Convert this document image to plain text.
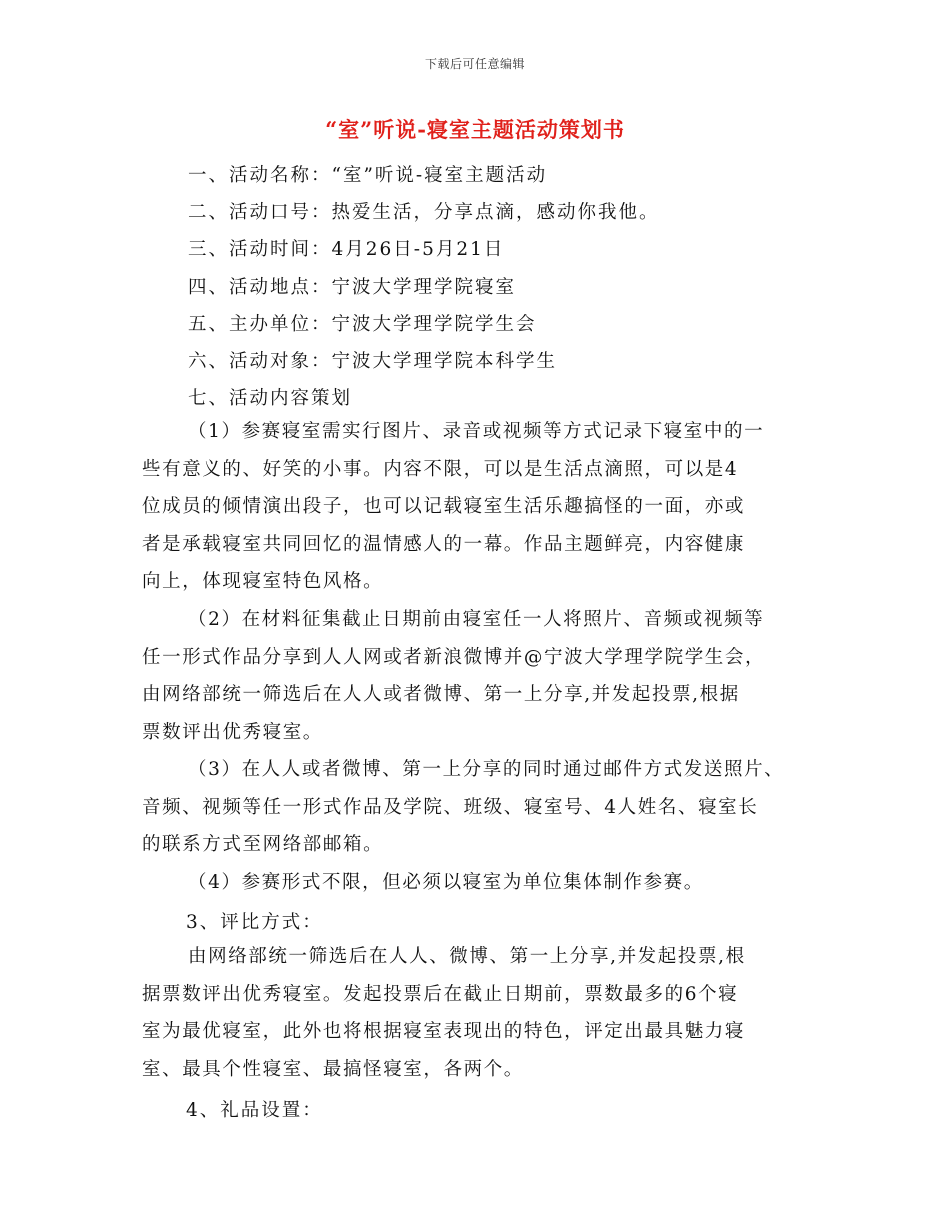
下载后可任意编辑
“室”听说-寝室主题活动策划书
一、活动名称：“室”听说-寝室主题活动
二、活动口号：热爱生活，分享点滴，感动你我他。
三、活动时间：4月26日-5月21日
四、活动地点：宁波大学理学院寝室
五、主办单位：宁波大学理学院学生会
六、活动对象：宁波大学理学院本科学生
七、活动内容策划
（1）参赛寝室需实行图片、录音或视频等方式记录下寝室中的一
些有意义的、好笑的小事。内容不限，可以是生活点滴照，可以是4
位成员的倾情演出段子，也可以记载寝室生活乐趣搞怪的一面，亦或
者是承载寝室共同回忆的温情感人的一幕。作品主题鲜亮，内容健康
向上，体现寝室特色风格。
（2）在材料征集截止日期前由寝室任一人将照片、音频或视频等
任一形式作品分享到人人网或者新浪微博并@宁波大学理学院学生会，
由网络部统一筛选后在人人或者微博、第一上分享,并发起投票,根据
票数评出优秀寝室。
（3）在人人或者微博、第一上分享的同时通过邮件方式发送照片、
音频、视频等任一形式作品及学院、班级、寝室号、4人姓名、寝室长
的联系方式至网络部邮箱。
（4）参赛形式不限，但必须以寝室为单位集体制作参赛。
3、评比方式：
由网络部统一筛选后在人人、微博、第一上分享,并发起投票,根
据票数评出优秀寝室。发起投票后在截止日期前，票数最多的6个寝
室为最优寝室，此外也将根据寝室表现出的特色，评定出最具魅力寝
室、最具个性寝室、最搞怪寝室，各两个。
4、礼品设置：
